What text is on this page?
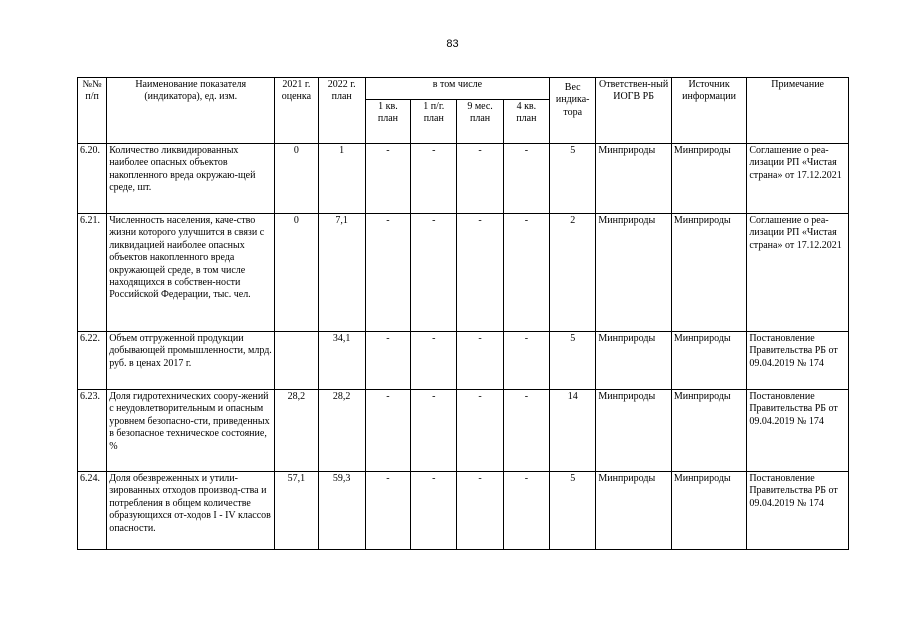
83
№№ п/п	Наименование показателя (индикатора), ед. изм.	2021 г. оценка	2022 г. план	в том числе				Вес индика-тора	Ответствен-ный ИОГВ РБ	Источник информации	Примечание
				1 кв. план	1 п/г. план	9 мес. план	4 кв. план				
6.20.	Количество ликвидированных наиболее опасных объектов накопленного вреда окружаю-щей среде, шт.	0	1	-	-	-	-	5	Минприроды	Минприроды	Соглашение о реа-лизации РП «Чистая страна» от 17.12.2021
6.21.	Численность населения, каче-ство жизни которого улучшится в связи с ликвидацией наиболее опасных объектов накопленного вреда окружающей среде, в том числе находящихся в собствен-ности Российской Федерации, тыс. чел.	0	7,1	-	-	-	-	2	Минприроды	Минприроды	Соглашение о реа-лизации РП «Чистая страна» от 17.12.2021
6.22.	Объем отгруженной продукции добывающей промышленности, млрд. руб. в ценах 2017 г.		34,1	-	-	-	-	5	Минприроды	Минприроды	Постановление Правительства РБ от 09.04.2019 № 174
6.23.	Доля гидротехнических соору-жений с неудовлетворительным и опасным уровнем безопасно-сти, приведенных в безопасное техническое состояние, %	28,2	28,2	-	-	-	-	14	Минприроды	Минприроды	Постановление Правительства РБ от 09.04.2019 № 174
6.24.	Доля обезвреженных и утили-зированных отходов производ-ства и потребления в общем количестве образующихся от-ходов I - IV классов опасности.	57,1	59,3	-	-	-	-	5	Минприроды	Минприроды	Постановление Правительства РБ от 09.04.2019 № 174
